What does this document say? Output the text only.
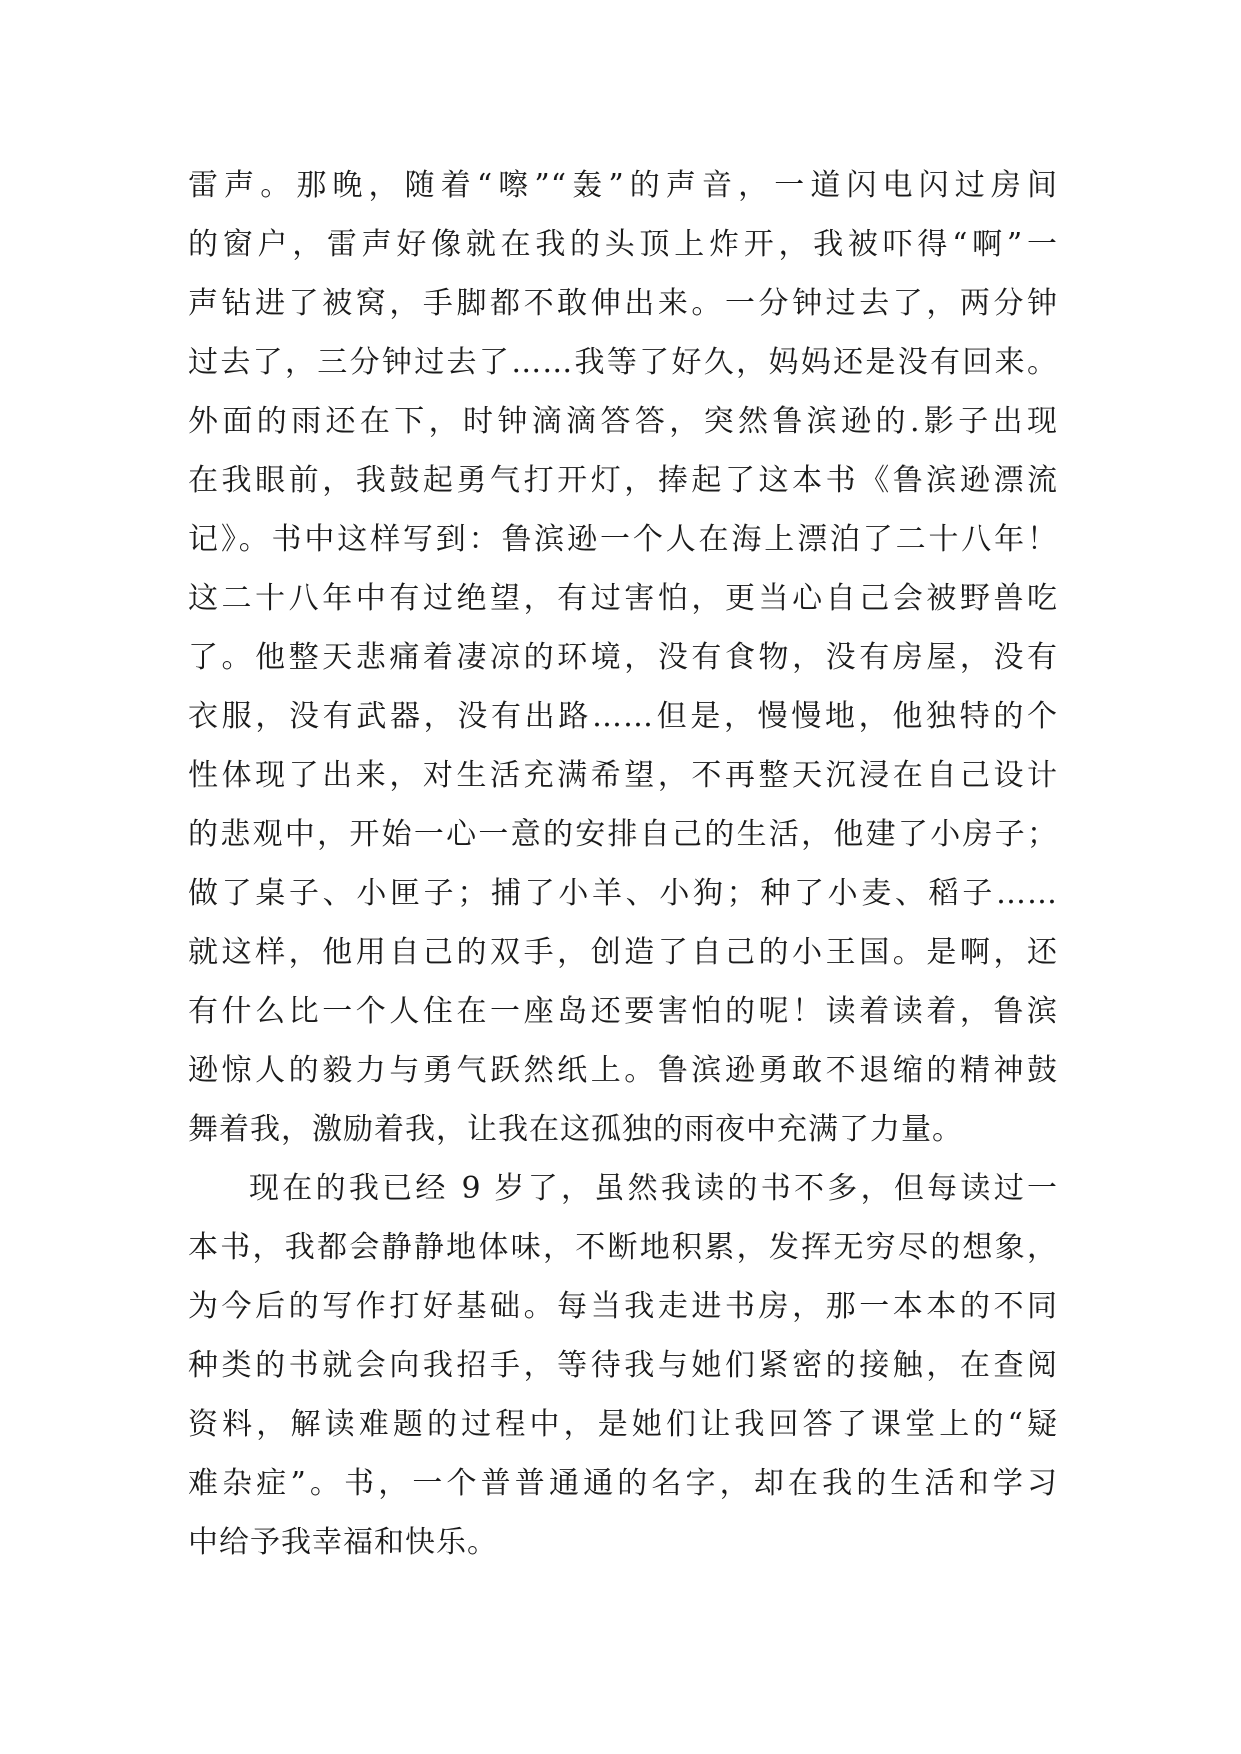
雷声。那晚，随着“嚓”“轰”的声音，一道闪电闪过房间
的窗户，雷声好像就在我的头顶上炸开，我被吓得“啊”一
声钻进了被窝，手脚都不敢伸出来。一分钟过去了，两分钟
过去了，三分钟过去了……我等了好久，妈妈还是没有回来。
外面的雨还在下，时钟滴滴答答，突然鲁滨逊的.影子出现
在我眼前，我鼓起勇气打开灯，捧起了这本书《鲁滨逊漂流
记》。书中这样写到：鲁滨逊一个人在海上漂泊了二十八年！
这二十八年中有过绝望，有过害怕，更当心自己会被野兽吃
了。他整天悲痛着凄凉的环境，没有食物，没有房屋，没有
衣服，没有武器，没有出路……但是，慢慢地，他独特的个
性体现了出来，对生活充满希望，不再整天沉浸在自己设计
的悲观中，开始一心一意的安排自己的生活，他建了小房子；
做了桌子、小匣子；捕了小羊、小狗；种了小麦、稻子……
就这样，他用自己的双手，创造了自己的小王国。是啊，还
有什么比一个人住在一座岛还要害怕的呢！读着读着，鲁滨
逊惊人的毅力与勇气跃然纸上。鲁滨逊勇敢不退缩的精神鼓
舞着我，激励着我，让我在这孤独的雨夜中充满了力量。
现在的我已经 9 岁了，虽然我读的书不多，但每读过一
本书，我都会静静地体味，不断地积累，发挥无穷尽的想象，
为今后的写作打好基础。每当我走进书房，那一本本的不同
种类的书就会向我招手，等待我与她们紧密的接触，在查阅
资料，解读难题的过程中，是她们让我回答了课堂上的“疑
难杂症”。书，一个普普通通的名字，却在我的生活和学习
中给予我幸福和快乐。
